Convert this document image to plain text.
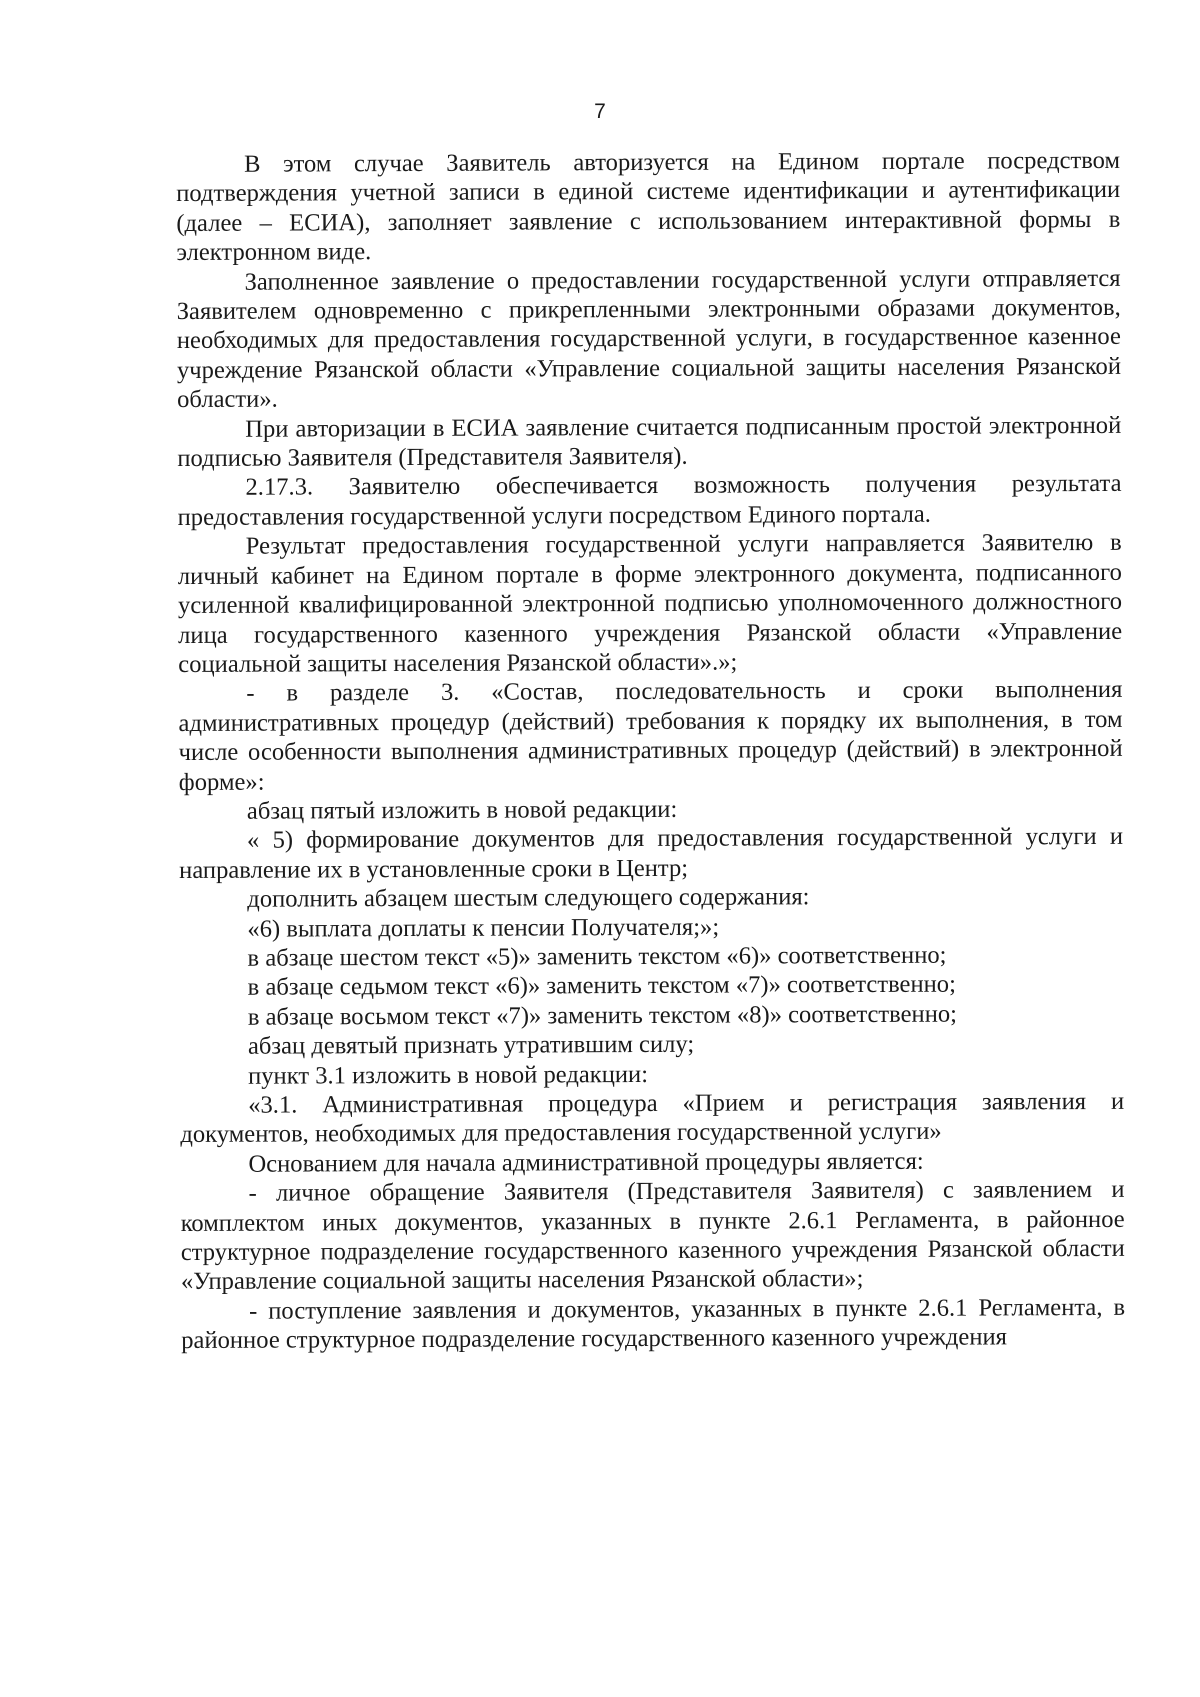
7

В этом случае Заявитель авторизуется на Едином портале посредством подтверждения учетной записи в единой системе идентификации и аутентификации (далее – ЕСИА), заполняет заявление с использованием интерактивной формы в электронном виде.

Заполненное заявление о предоставлении государственной услуги отправляется Заявителем одновременно с прикрепленными электронными образами документов, необходимых для предоставления государственной услуги, в государственное казенное учреждение Рязанской области «Управление социальной защиты населения Рязанской области».

При авторизации в ЕСИА заявление считается подписанным простой электронной подписью Заявителя (Представителя Заявителя).

2.17.3. Заявителю обеспечивается возможность получения результата предоставления государственной услуги посредством Единого портала.

Результат предоставления государственной услуги направляется Заявителю в личный кабинет на Едином портале в форме электронного документа, подписанного усиленной квалифицированной электронной подписью уполномоченного должностного лица государственного казенного учреждения Рязанской области «Управление социальной защиты населения Рязанской области».»;

- в разделе 3. «Состав, последовательность и сроки выполнения административных процедур (действий) требования к порядку их выполнения, в том числе особенности выполнения административных процедур (действий) в электронной форме»:

абзац пятый изложить в новой редакции:

« 5) формирование документов для предоставления государственной услуги и направление их в установленные сроки в Центр;

дополнить абзацем шестым следующего содержания:

«6) выплата доплаты к пенсии Получателя;»;

в абзаце шестом текст «5)» заменить текстом «6)» соответственно;

в абзаце седьмом текст «6)» заменить текстом «7)» соответственно;

в абзаце восьмом текст «7)» заменить текстом «8)» соответственно;

абзац девятый признать утратившим силу;

пункт 3.1 изложить в новой редакции:

«3.1. Административная процедура «Прием и регистрация заявления и документов, необходимых для предоставления государственной услуги»

Основанием для начала административной процедуры является:

- личное обращение Заявителя (Представителя Заявителя) с заявлением и комплектом иных документов, указанных в пункте 2.6.1 Регламента, в районное структурное подразделение государственного казенного учреждения Рязанской области «Управление социальной защиты населения Рязанской области»;

- поступление заявления и документов, указанных в пункте 2.6.1 Регламента, в районное структурное подразделение государственного казенного учреждения
